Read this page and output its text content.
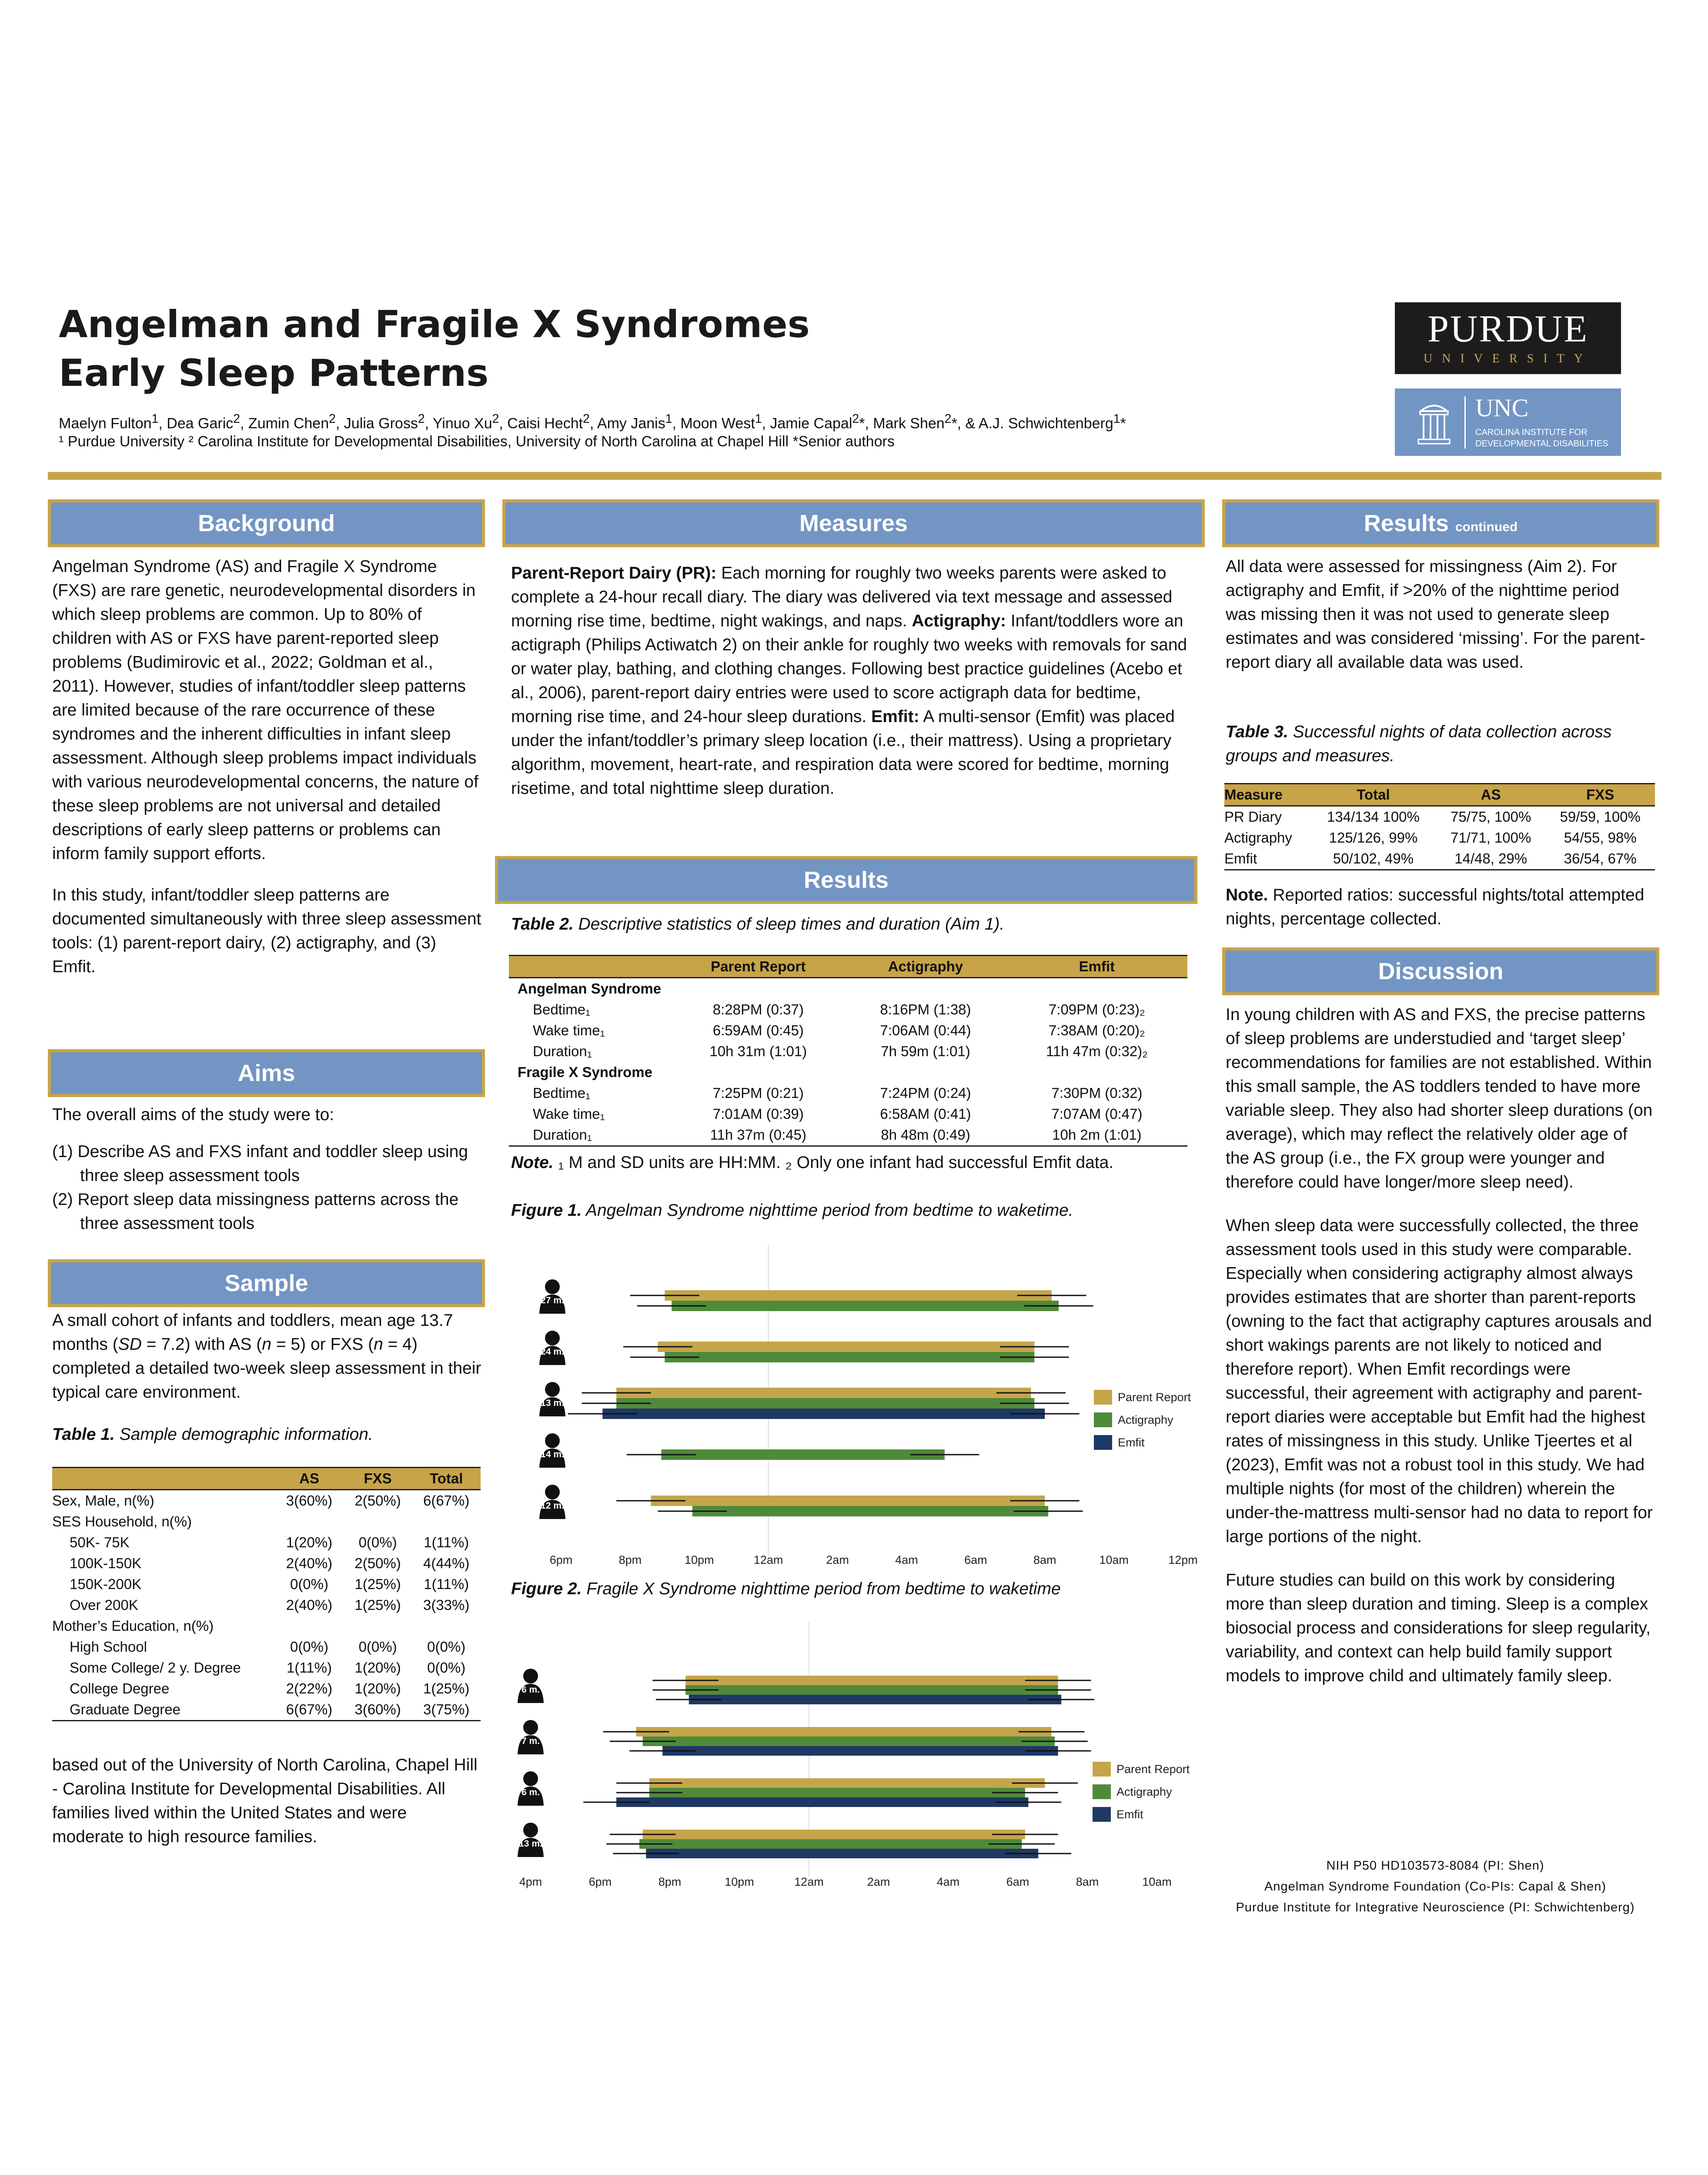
Angelman and Fragile X Syndromes
Early Sleep Patterns
Maelyn Fulton$^1$, Dea Garic$^2$, Zumin Chen$^2$, Julia Gross$^2$, Yinuo Xu$^2$, Caisi Hecht$^2$, Amy Janis$^1$, Moon West$^1$, Jamie Capal$^2$*, Mark Shen$^2$*, & A.J. Schwichtenberg$^1$*
¹ Purdue University ² Carolina Institute for Developmental Disabilities, University of North Carolina at Chapel Hill *Senior authors
PURDUE
UNIVERSITY
UNC
CAROLINA INSTITUTE FOR DEVELOPMENTAL DISABILITIES
Background

Angelman Syndrome (AS) and Fragile X Syndrome (FXS) are rare genetic, neurodevelopmental disorders in which sleep problems are common. Up to 80% of children with AS or FXS have parent-reported sleep problems (Budimirovic et al., 2022; Goldman et al., 2011). However, studies of infant/toddler sleep patterns are limited because of the rare occurrence of these syndromes and the inherent difficulties in infant sleep assessment. Although sleep problems impact individuals with various neurodevelopmental concerns, the nature of these sleep problems are not universal and detailed descriptions of early sleep patterns or problems can inform family support efforts.

In this study, infant/toddler sleep patterns are documented simultaneously with three sleep assessment tools: (1) parent-report dairy, (2) actigraphy, and (3) Emfit.

Aims

The overall aims of the study were to:

(1) Describe AS and FXS infant and toddler sleep using three sleep assessment tools

(2) Report sleep data missingness patterns across the three assessment tools

Sample
A small cohort of infants and toddlers, mean age 13.7 months (SD = 7.2) with AS (n = 5) or FXS (n = 4) completed a detailed two-week sleep assessment in their typical care environment.
Table 1. Sample demographic information.
	AS	FXS	Total
Sex, Male, n(%)	3(60%)	2(50%)	6(67%)
SES Household, n(%)			
50K- 75K	1(20%)	0(0%)	1(11%)
100K-150K	2(40%)	2(50%)	4(44%)
150K-200K	0(0%)	1(25%)	1(11%)
Over 200K	2(40%)	1(25%)	3(33%)
Mother’s Education, n(%)			
High School	0(0%)	0(0%)	0(0%)
Some College/ 2 y. Degree	1(11%)	1(20%)	0(0%)
College Degree	2(22%)	1(20%)	1(25%)
Graduate Degree	6(67%)	3(60%)	3(75%)
based out of the University of North Carolina, Chapel Hill - Carolina Institute for Developmental Disabilities. All families lived within the United States and were moderate to high resource families.
Measures
Parent-Report Dairy (PR): Each morning for roughly two weeks parents were asked to complete a 24-hour recall diary. The diary was delivered via text message and assessed morning rise time, bedtime, night wakings, and naps. Actigraphy: Infant/toddlers wore an actigraph (Philips Actiwatch 2) on their ankle for roughly two weeks with removals for sand or water play, bathing, and clothing changes. Following best practice guidelines (Acebo et al., 2006), parent-report dairy entries were used to score actigraph data for bedtime, morning rise time, and 24-hour sleep durations. Emfit: A multi-sensor (Emfit) was placed under the infant/toddler’s primary sleep location (i.e., their mattress). Using a proprietary algorithm, movement, heart-rate, and respiration data were scored for bedtime, morning risetime, and total nighttime sleep duration.
Results
Table 2. Descriptive statistics of sleep times and duration (Aim 1).
	Parent Report	Actigraphy	Emfit
Angelman Syndrome			
Bedtime₁	8:28PM (0:37)	8:16PM (1:38)	7:09PM (0:23)₂
Wake time₁	6:59AM (0:45)	7:06AM (0:44)	7:38AM (0:20)₂
Duration₁	10h 31m (1:01)	7h 59m (1:01)	11h 47m (0:32)₂
Fragile X Syndrome			
Bedtime₁	7:25PM (0:21)	7:24PM (0:24)	7:30PM (0:32)
Wake time₁	7:01AM (0:39)	6:58AM (0:41)	7:07AM (0:47)
Duration₁	11h 37m (0:45)	8h 48m (0:49)	10h 2m (1:01)
Note. ₁ M and SD units are HH:MM. ₂ Only one infant had successful Emfit data.
Figure 1. Angelman Syndrome nighttime period from bedtime to waketime.
27 m.
24 m.
13 m.
14 m.
12 m.
6pm	8pm	10pm	12am	2am	4am	6am	8am	10am	12pm
Parent Report
Actigraphy
Emfit
Figure 2. Fragile X Syndrome nighttime period from bedtime to waketime
6 m.
7 m.
6 m.
13 m.
4pm	6pm	8pm	10pm	12am	2am	4am	6am	8am	10am
Parent Report
Actigraphy
Emfit
Results continued
All data were assessed for missingness (Aim 2). For actigraphy and Emfit, if >20% of the nighttime period was missing then it was not used to generate sleep estimates and was considered ‘missing’. For the parent-report diary all available data was used.
Table 3. Successful nights of data collection across groups and measures.
Measure	Total	AS	FXS
PR Diary	134/134 100%	75/75, 100%	59/59, 100%
Actigraphy	125/126, 99%	71/71, 100%	54/55, 98%
Emfit	50/102, 49%	14/48, 29%	36/54, 67%
Note. Reported ratios: successful nights/total attempted nights, percentage collected.
Discussion

In young children with AS and FXS, the precise patterns of sleep problems are understudied and ‘target sleep’ recommendations for families are not established. Within this small sample, the AS toddlers tended to have more variable sleep. They also had shorter sleep durations (on average), which may reflect the relatively older age of the AS group (i.e., the FX group were younger and therefore could have longer/more sleep need).

When sleep data were successfully collected, the three assessment tools used in this study were comparable. Especially when considering actigraphy almost always provides estimates that are shorter than parent-reports (owning to the fact that actigraphy captures arousals and short wakings parents are not likely to noticed and therefore report). When Emfit recordings were successful, their agreement with actigraphy and parent-report diaries were acceptable but Emfit had the highest rates of missingness in this study. Unlike Tjeertes et al (2023), Emfit was not a robust tool in this study. We had multiple nights (for most of the children) wherein the under-the-mattress multi-sensor had no data to report for large portions of the night.

Future studies can build on this work by considering more than sleep duration and timing. Sleep is a complex biosocial process and considerations for sleep regularity, variability, and context can help build family support models to improve child and ultimately family sleep.

NIH P50 HD103573-8084 (PI: Shen)
Angelman Syndrome Foundation (Co-PIs: Capal & Shen)
Purdue Institute for Integrative Neuroscience (PI: Schwichtenberg)
